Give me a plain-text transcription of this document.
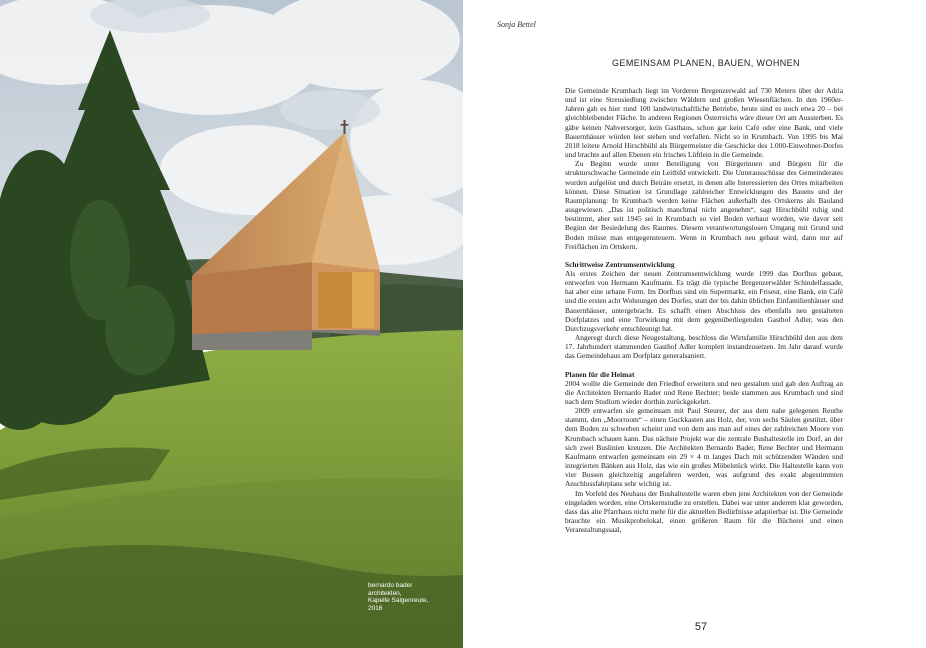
bernardo bader
architekten,
Kapelle Salgenreute,
2016
Sonja Bettel
GEMEINSAM PLANEN, BAUEN, WOHNEN

Die Gemeinde Krumbach liegt im Vorderen Bregenzerwald auf 730 Metern über der Adria und ist eine Streusiedlung zwischen Wäldern und großen Wiesenflächen. In den 1960er-Jahren gab es hier rund 100 landwirtschaftliche Betriebe, heute sind es noch etwa 20 – bei gleichbleibender Fläche. In anderen Regionen Österreichs wäre dieser Ort am Aussterben. Es gäbe keinen Nahversorger, kein Gasthaus, schon gar kein Café oder eine Bank, und viele Bauernhäuser würden leer stehen und verfallen. Nicht so in Krumbach. Von 1995 bis Mai 2018 leitete Arnold Hirschbühl als Bürgermeister die Geschicke des 1.000-Einwohner-Dorfes und brachte auf allen Ebenen ein frisches Lüftlein in die Gemeinde.

Zu Beginn wurde unter Beteiligung von Bürgerinnen und Bürgern für die strukturschwache Gemeinde ein Leitbild entwickelt. Die Unterausschüsse des Gemeinderates wurden aufgelöst und durch Beiräte ersetzt, in denen alle Interessierten des Ortes mitarbeiten können. Diese Situation ist Grundlage zahlreicher Entwicklungen des Bauens und der Raumplanung: In Krumbach werden keine Flächen außerhalb des Ortskerns als Bauland ausgewiesen. „Das ist politisch manchmal nicht angenehm“, sagt Hirschbühl ruhig und bestimmt, aber seit 1945 sei in Krumbach so viel Boden verbaut worden, wie davor seit Beginn der Besiedelung des Raumes. Diesem verantwortungslosen Umgang mit Grund und Boden müsse man entgegensteuern. Wenn in Krumbach neu gebaut wird, dann nur auf Freiflächen im Ortskern.

Schrittweise Zentrumsentwicklung

Als erstes Zeichen der neuen Zentrumsentwicklung wurde 1999 das Dorfhus gebaut, entworfen von Hermann Kaufmann. Es trägt die typische Bregenzerwälder Schindelfassade, hat aber eine urbane Form. Im Dorfhus sind ein Supermarkt, ein Friseur, eine Bank, ein Café und die ersten acht Wohnungen des Dorfes, statt der bis dahin üblichen Einfamilienhäuser und Bauernhäuser, untergebracht. Es schafft einen Abschluss des ebenfalls neu gestalteten Dorfplatzes und eine Torwirkung mit dem gegenüberliegenden Gasthof Adler, was den Durchzugsverkehr entschleunigt hat.

Angeregt durch diese Neugestaltung, beschloss die Wirtsfamilie Hirschbühl den aus dem 17. Jahrhundert stammenden Gasthof Adler komplett instandzusetzen. Im Jahr darauf wurde das Gemeindehaus am Dorfplatz generalsaniert.

Planen für die Heimat

2004 wollte die Gemeinde den Friedhof erweitern und neu gestalten und gab den Auftrag an die Architekten Bernardo Bader und Rene Bechter; beide stammen aus Krumbach und sind nach dem Studium wieder dorthin zurückgekehrt.

2009 entwarfen sie gemeinsam mit Paul Steurer, der aus dem nahe gelegenen Reuthe stammt, den „Moorroom“ – einen Guckkasten aus Holz, der, von sechs Säulen gestützt, über dem Boden zu schweben scheint und von dem aus man auf eines der zahlreichen Moore von Krumbach schauen kann. Das nächste Projekt war die zentrale Bushaltestelle im Dorf, an der sich zwei Buslinien kreuzen. Die Architekten Bernardo Bader, Rene Bechter und Hermann Kaufmann entwarfen gemeinsam ein 29 × 4 m langes Dach mit schützenden Wänden und integrierten Bänken aus Holz, das wie ein großes Möbelstück wirkt. Die Haltestelle kann von vier Bussen gleichzeitig angefahren werden, was aufgrund des exakt abgestimmten Anschlussfahrplans sehr wichtig ist.

Im Vorfeld des Neubaus der Bushaltestelle waren eben jene Architekten von der Gemeinde eingeladen worden, eine Ortskernstudie zu erstellen. Dabei war unter anderem klar geworden, dass das alte Pfarrhaus nicht mehr für die aktuellen Bedürfnisse adaptierbar ist. Die Gemeinde brauchte ein Musikprobelokal, einen größeren Raum für die Bücherei und einen Veranstaltungssaal,

57
